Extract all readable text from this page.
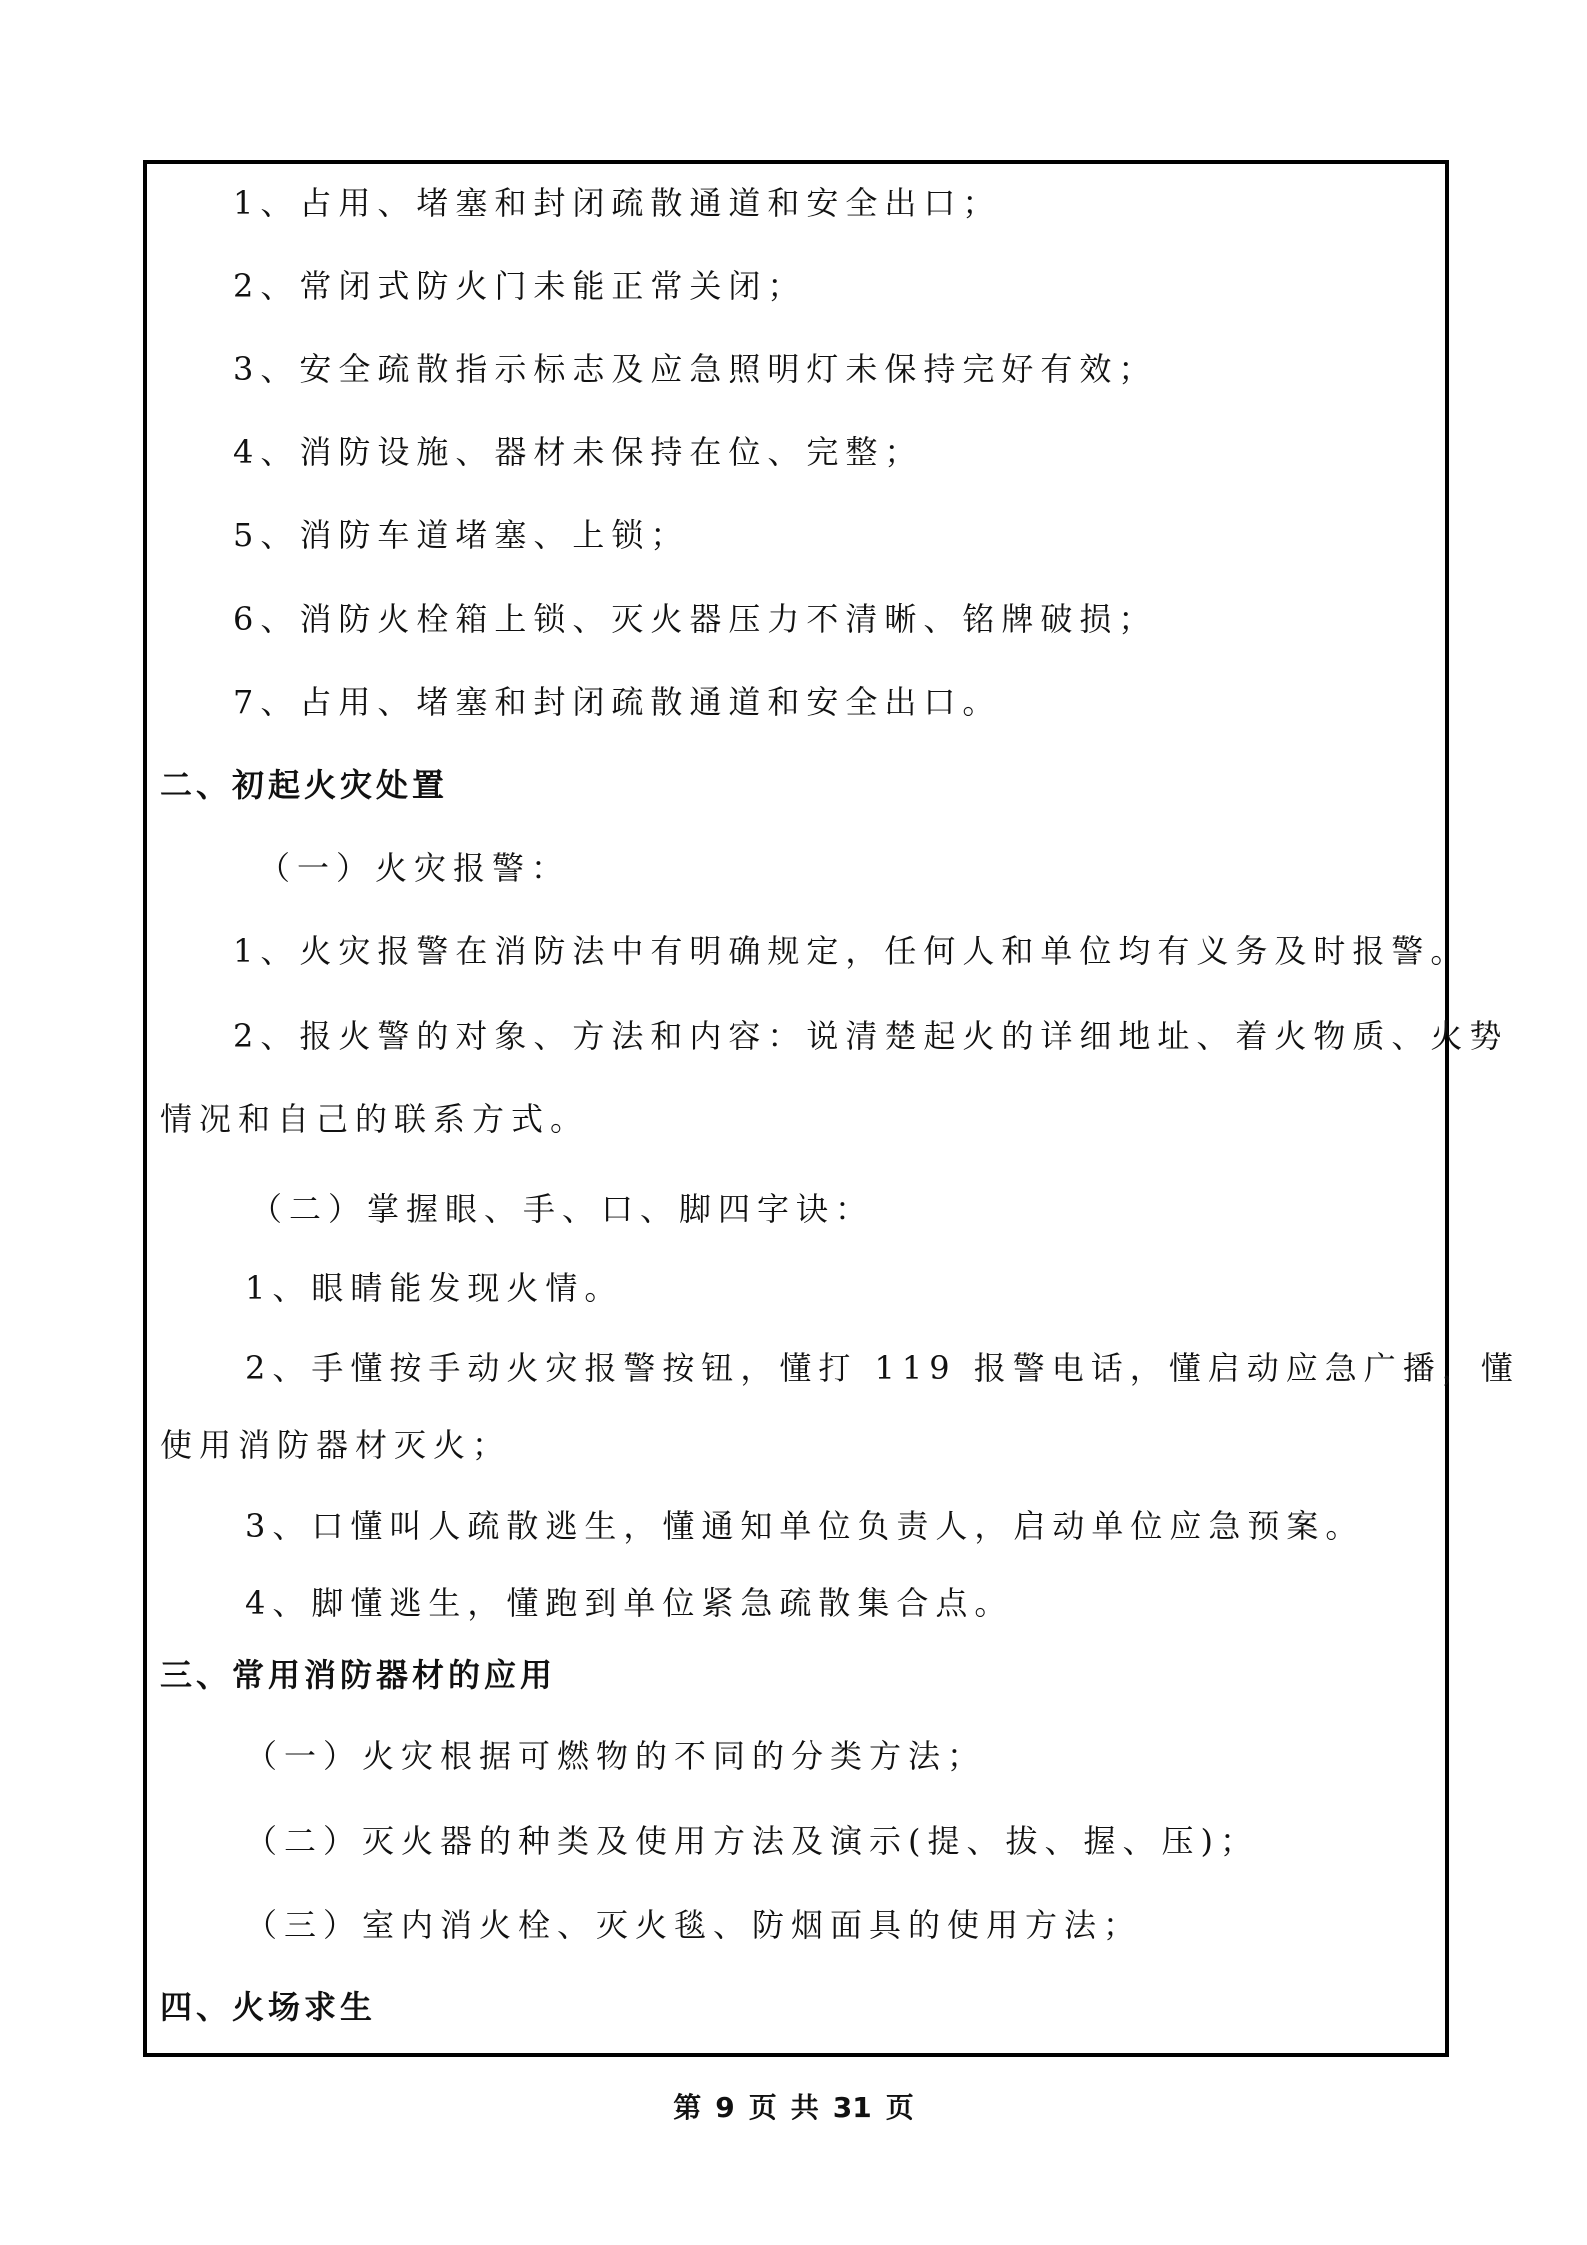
1、占用、堵塞和封闭疏散通道和安全出口；
2、常闭式防火门未能正常关闭；
3、安全疏散指示标志及应急照明灯未保持完好有效；
4、消防设施、器材未保持在位、完整；
5、消防车道堵塞、上锁；
6、消防火栓箱上锁、灭火器压力不清晰、铭牌破损；
7、占用、堵塞和封闭疏散通道和安全出口。
二、初起火灾处置
（一）火灾报警：
1、火灾报警在消防法中有明确规定，任何人和单位均有义务及时报警。
2、报火警的对象、方法和内容：说清楚起火的详细地址、着火物质、火势
情况和自己的联系方式。
（二）掌握眼、手、口、脚四字诀：
1、眼睛能发现火情。
2、手懂按手动火灾报警按钮，懂打 119 报警电话，懂启动应急广播，懂
使用消防器材灭火；
3、口懂叫人疏散逃生，懂通知单位负责人，启动单位应急预案。
4、脚懂逃生，懂跑到单位紧急疏散集合点。
三、常用消防器材的应用
（一）火灾根据可燃物的不同的分类方法；
（二）灭火器的种类及使用方法及演示(提、拔、握、压)；
（三）室内消火栓、灭火毯、防烟面具的使用方法；
四、火场求生
第 9 页 共 31 页
